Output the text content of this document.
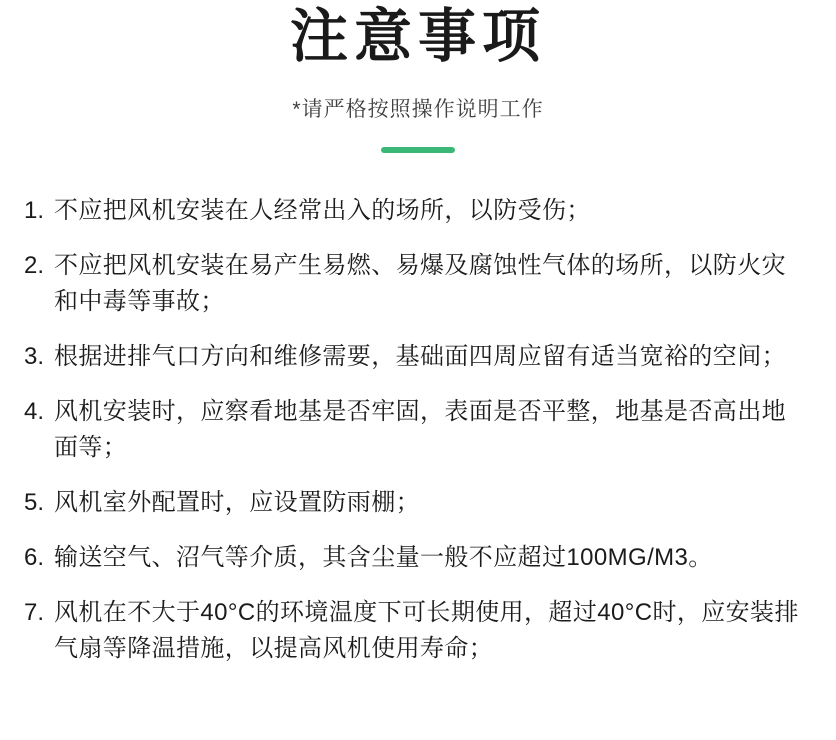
注意事项
*请严格按照操作说明工作
1. 不应把风机安装在人经常出入的场所，以防受伤；
2. 不应把风机安装在易产生易燃、易爆及腐蚀性气体的场所，以防火灾和中毒等事故；
3. 根据进排气口方向和维修需要，基础面四周应留有适当宽裕的空间；
4. 风机安装时，应察看地基是否牢固，表面是否平整，地基是否高出地面等；
5. 风机室外配置时，应设置防雨棚；
6. 输送空气、沼气等介质，其含尘量一般不应超过100MG/M3。
7. 风机在不大于40°C的环境温度下可长期使用，超过40°C时，应安装排气扇等降温措施，以提高风机使用寿命；
